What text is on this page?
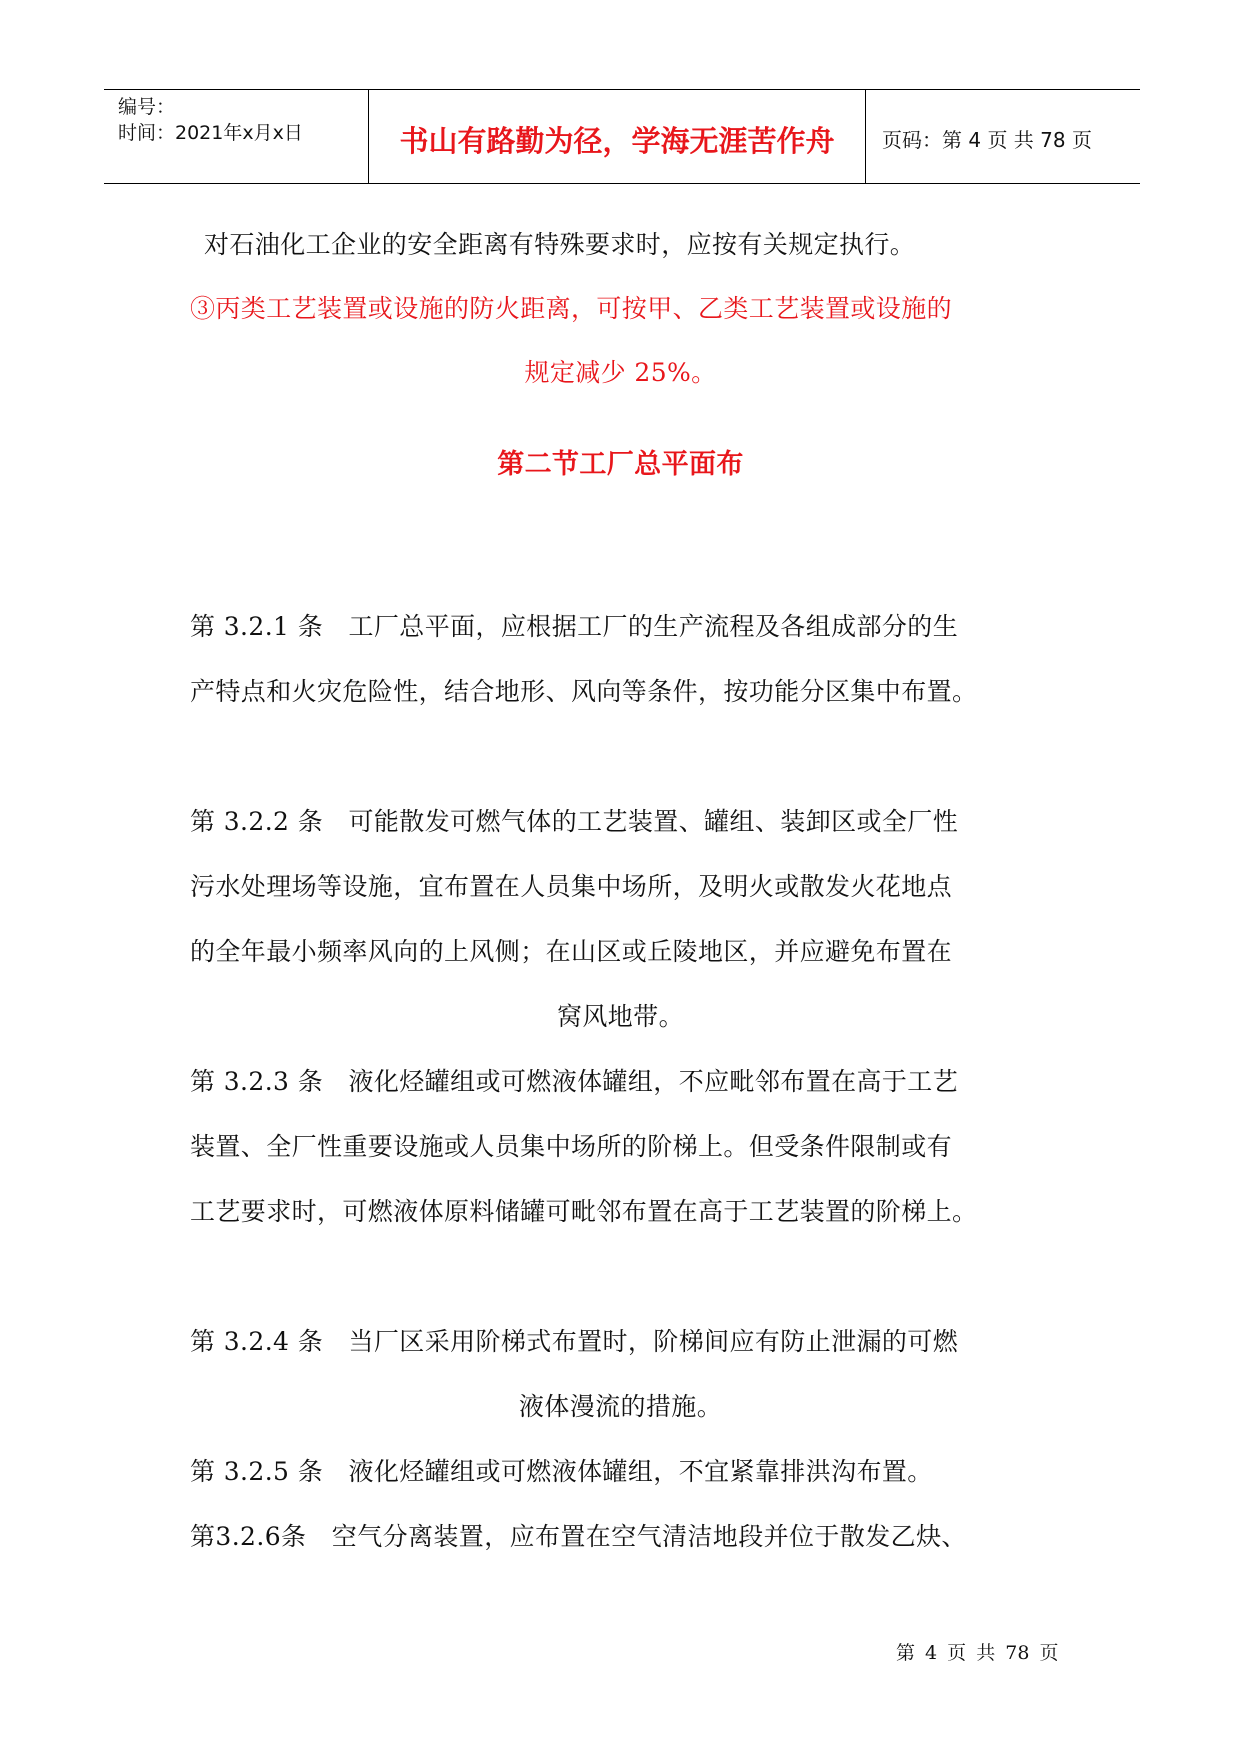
编号：
时间：2021年x月x日	书山有路勤为径，学海无涯苦作舟	页码：第 4 页 共 78 页
对石油化工企业的安全距离有特殊要求时，应按有关规定执行。
③丙类工艺装置或设施的防火距离，可按甲、乙类工艺装置或设施的
规定减少 25%。
第二节工厂总平面布
第 3.2.1 条　工厂总平面，应根据工厂的生产流程及各组成部分的生
产特点和火灾危险性，结合地形、风向等条件，按功能分区集中布置。
第 3.2.2 条　可能散发可燃气体的工艺装置、罐组、装卸区或全厂性
污水处理场等设施，宜布置在人员集中场所，及明火或散发火花地点
的全年最小频率风向的上风侧；在山区或丘陵地区，并应避免布置在
窝风地带。
第 3.2.3 条　液化烃罐组或可燃液体罐组，不应毗邻布置在高于工艺
装置、全厂性重要设施或人员集中场所的阶梯上。但受条件限制或有
工艺要求时，可燃液体原料储罐可毗邻布置在高于工艺装置的阶梯上。
第 3.2.4 条　当厂区采用阶梯式布置时，阶梯间应有防止泄漏的可燃
液体漫流的措施。
第 3.2.5 条　液化烃罐组或可燃液体罐组，不宜紧靠排洪沟布置。
第3.2.6条　空气分离装置，应布置在空气清洁地段并位于散发乙炔、
第 4 页 共 78 页
